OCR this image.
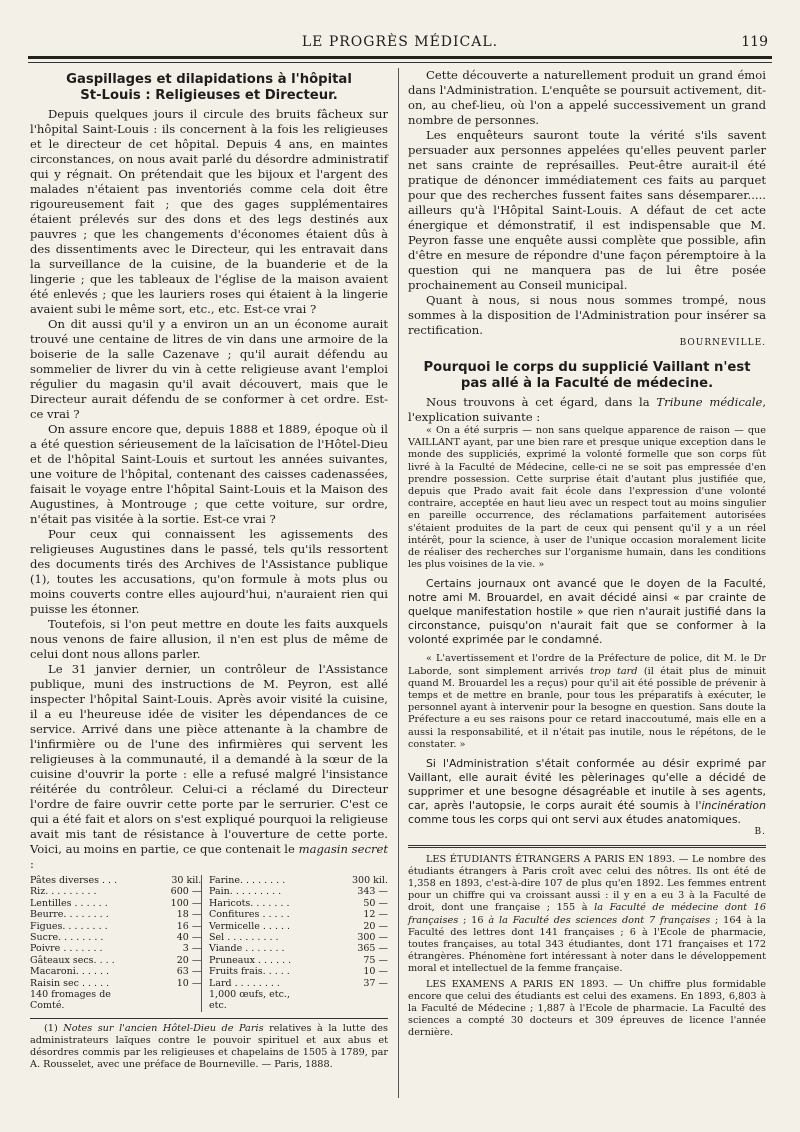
LE PROGRÈS MÉDICAL.	119
Gaspillages et dilapidations à l'hôpital
St-Louis : Religieuses et Directeur.

Depuis quelques jours il circule des bruits fâcheux sur l'hôpital Saint-Louis : ils concernent à la fois les religieuses et le directeur de cet hôpital. Depuis 4 ans, en maintes circonstances, on nous avait parlé du désordre administratif qui y régnait. On prétendait que les bijoux et l'argent des malades n'étaient pas inventoriés comme cela doit être rigoureusement fait ; que des gages supplémentaires étaient prélevés sur des dons et des legs destinés aux pauvres ; que les changements d'économes étaient dûs à des dissentiments avec le Directeur, qui les entravait dans la surveillance de la cuisine, de la buanderie et de la lingerie ; que les tableaux de l'église de la maison avaient été enlevés ; que les lauriers roses qui étaient à la lingerie avaient subi le même sort, etc., etc. Est-ce vrai ?

On dit aussi qu'il y a environ un an un économe aurait trouvé une centaine de litres de vin dans une armoire de la boiserie de la salle Cazenave ; qu'il aurait défendu au sommelier de livrer du vin à cette religieuse avant l'emploi régulier du magasin qu'il avait découvert, mais que le Directeur aurait défendu de se conformer à cet ordre. Est-ce vrai ?

On assure encore que, depuis 1888 et 1889, époque où il a été question sérieusement de la laïcisation de l'Hôtel-Dieu et de l'hôpital Saint-Louis et surtout les années suivantes, une voiture de l'hôpital, contenant des caisses cadenassées, faisait le voyage entre l'hôpital Saint-Louis et la Maison des Augustines, à Montrouge ; que cette voiture, sur ordre, n'était pas visitée à la sortie. Est-ce vrai ?

Pour ceux qui connaissent les agissements des religieuses Augustines dans le passé, tels qu'ils ressortent des documents tirés des Archives de l'Assistance publique (1), toutes les accusations, qu'on formule à mots plus ou moins couverts contre elles aujourd'hui, n'auraient rien qui puisse les étonner.

Toutefois, si l'on peut mettre en doute les faits auxquels nous venons de faire allusion, il n'en est plus de même de celui dont nous allons parler.

Le 31 janvier dernier, un contrôleur de l'Assistance publique, muni des instructions de M. Peyron, est allé inspecter l'hôpital Saint-Louis. Après avoir visité la cuisine, il a eu l'heureuse idée de visiter les dépendances de ce service. Arrivé dans une pièce attenante à la chambre de l'infirmière ou de l'une des infirmières qui servent les religieuses à la communauté, il a demandé à la sœur de la cuisine d'ouvrir la porte : elle a refusé malgré l'insistance réitérée du contrôleur. Celui-ci a réclamé du Directeur l'ordre de faire ouvrir cette porte par le serrurier. C'est ce qui a été fait et alors on s'est expliqué pourquoi la religieuse avait mis tant de résistance à l'ouverture de cette porte. Voici, au moins en partie, ce que contenait le magasin secret :

Pâtes diverses . . .	30 kil.		Farine. . . . . . . .	300 kil.
Riz. . . . . . . . .	600 —		Pain. . . . . . . . .	343 —
Lentilles . . . . . .	100 —		Haricots. . . . . . .	50 —
Beurre. . . . . . . .	18 —		Confitures . . . . .	12 —
Figues. . . . . . . .	16 —		Vermicelle . . . . .	20 —
Sucre. . . . . . . .	40 —		Sel . . . . . . . . .	300 —
Poivre . . . . . . .	3 —		Viande . . . . . . .	365 —
Gâteaux secs. . . .	20 —		Pruneaux . . . . . .	75 —
Macaroni. . . . . .	63 —		Fruits frais. . . . .	10 —
Raisin sec . . . . .	10 —		Lard . . . . . . . .	37 —
140 fromages de Comté.			1,000 œufs, etc., etc.	
(1) Notes sur l'ancien Hôtel-Dieu de Paris relatives à la lutte des administrateurs laïques contre le pouvoir spirituel et aux abus et désordres commis par les religieuses et chapelains de 1505 à 1789, par A. Rousselet, avec une préface de Bourneville. — Paris, 1888.

Cette découverte a naturellement produit un grand émoi dans l'Administration. L'enquête se poursuit activement, dit-on, au chef-lieu, où l'on a appelé successivement un grand nombre de personnes.

Les enquêteurs sauront toute la vérité s'ils savent persuader aux personnes appelées qu'elles peuvent parler net sans crainte de représailles. Peut-être aurait-il été pratique de dénoncer immédiatement ces faits au parquet pour que des recherches fussent faites sans désemparer..... ailleurs qu'à l'Hôpital Saint-Louis. A défaut de cet acte énergique et démonstratif, il est indispensable que M. Peyron fasse une enquête aussi complète que possible, afin d'être en mesure de répondre d'une façon péremptoire à la question qui ne manquera pas de lui être posée prochainement au Conseil municipal.

Quant à nous, si nous nous sommes trompé, nous sommes à la disposition de l'Administration pour insérer sa rectification.

BOURNEVILLE.
Pourquoi le corps du supplicié Vaillant n'est
pas allé à la Faculté de médecine.

Nous trouvons à cet égard, dans la Tribune médicale, l'explication suivante :

« On a été surpris — non sans quelque apparence de raison — que VAILLANT ayant, par une bien rare et presque unique exception dans le monde des suppliciés, exprimé la volonté formelle que son corps fût livré à la Faculté de Médecine, celle-ci ne se soit pas empressée d'en prendre possession. Cette surprise était d'autant plus justifiée que, depuis que Prado avait fait école dans l'expression d'une volonté contraire, acceptée en haut lieu avec un respect tout au moins singulier en pareille occurrence, des réclamations parfaitement autorisées s'étaient produites de la part de ceux qui pensent qu'il y a un réel intérêt, pour la science, à user de l'unique occasion moralement licite de réaliser des recherches sur l'organisme humain, dans les conditions les plus voisines de la vie. »

Certains journaux ont avancé que le doyen de la Faculté, notre ami M. Brouardel, en avait décidé ainsi « par crainte de quelque manifestation hostile » que rien n'aurait justifié dans la circonstance, puisqu'on n'aurait fait que se conformer à la volonté exprimée par le condamné.

« L'avertissement et l'ordre de la Préfecture de police, dit M. le Dr Laborde, sont simplement arrivés trop tard (il était plus de minuit quand M. Brouardel les a reçus) pour qu'il ait été possible de prévenir à temps et de mettre en branle, pour tous les préparatifs à exécuter, le personnel ayant à intervenir pour la besogne en question. Sans doute la Préfecture a eu ses raisons pour ce retard inaccoutumé, mais elle en a aussi la responsabilité, et il n'était pas inutile, nous le répétons, de le constater. »

Si l'Administration s'était conformée au désir exprimé par Vaillant, elle aurait évité les pèlerinages qu'elle a décidé de supprimer et une besogne désagréable et inutile à ses agents, car, après l'autopsie, le corps aurait été soumis à l'incinération comme tous les corps qui ont servi aux études anatomiques.

B.

LES ÉTUDIANTS ÉTRANGERS A PARIS EN 1893. — Le nombre des étudiants étrangers à Paris croît avec celui des nôtres. Ils ont été de 1,358 en 1893, c'est-à-dire 107 de plus qu'en 1892. Les femmes entrent pour un chiffre qui va croissant aussi : il y en a eu 3 à la Faculté de droit, dont une française ; 155 à la Faculté de médecine dont 16 françaises ; 16 à la Faculté des sciences dont 7 françaises ; 164 à la Faculté des lettres dont 141 françaises ; 6 à l'Ecole de pharmacie, toutes françaises, au total 343 étudiantes, dont 171 françaises et 172 étrangères. Phénomène fort intéressant à noter dans le développement moral et intellectuel de la femme française.

LES EXAMENS A PARIS EN 1893. — Un chiffre plus formidable encore que celui des étudiants est celui des examens. En 1893, 6,803 à la Faculté de Médecine ; 1,887 à l'Ecole de pharmacie. La Faculté des sciences a compté 30 docteurs et 309 épreuves de licence l'année dernière.
